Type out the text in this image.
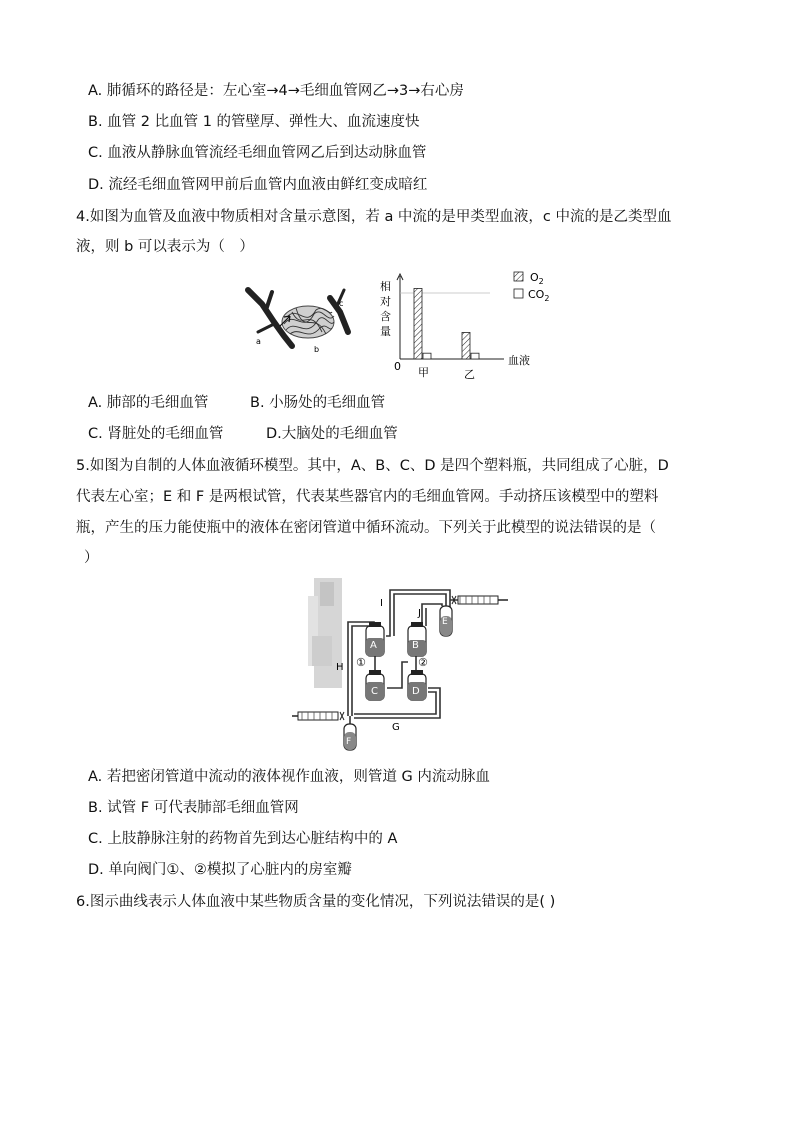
A. 肺循环的路径是：左心室→4→毛细血管网乙→3→右心房
B. 血管 2 比血管 1 的管壁厚、弹性大、血流速度快
C. 血液从静脉血管流经毛细血管网乙后到达动脉血管
D. 流经毛细血管网甲前后血管内血液由鲜红变成暗红
4.如图为血管及血液中物质相对含量示意图，若 a 中流的是甲类型血液，c 中流的是乙类型血
液，则 b 可以表示为（　）
a
b
c
相
对
含
量
0	血液
甲	乙
$O_2$
$CO_2$
A. 肺部的毛细血管	B. 小肠处的毛细血管
C. 肾脏处的毛细血管	D.大脑处的毛细血管
5.如图为自制的人体血液循环模型。其中，A、B、C、D 是四个塑料瓶，共同组成了心脏，D
代表左心室；E 和 F 是两根试管，代表某些器官内的毛细血管网。手动挤压该模型中的塑料
瓶，产生的压力能使瓶中的液体在密闭管道中循环流动。下列关于此模型的说法错误的是（
）
A	B
C	D
E
F
G
H
I
J
①	②
A. 若把密闭管道中流动的液体视作血液，则管道 G 内流动脉血
B. 试管 F 可代表肺部毛细血管网
C. 上肢静脉注射的药物首先到达心脏结构中的 A
D. 单向阀门①、②模拟了心脏内的房室瓣
6.图示曲线表示人体血液中某些物质含量的变化情况，下列说法错误的是( )
